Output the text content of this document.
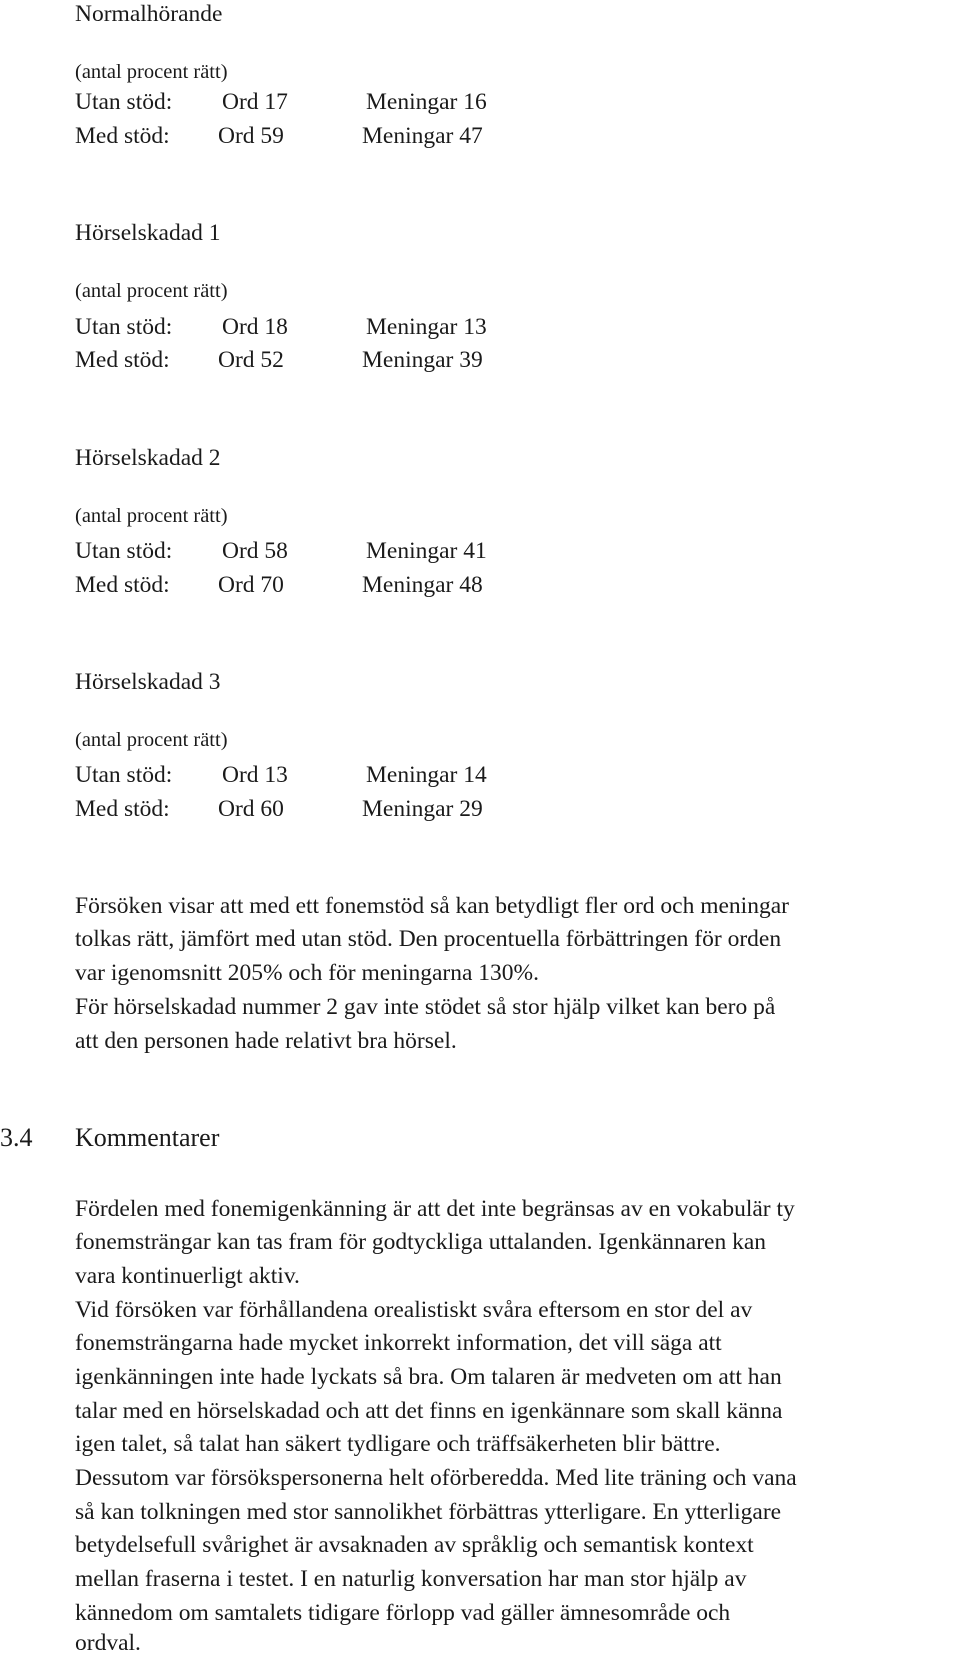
Normalhörande
(antal procent rätt)
Utan stöd: Ord 17	Meningar 16
Med stöd: Ord 59	Meningar 47
Hörselskadad 1
(antal procent rätt)
Utan stöd: Ord 18	Meningar 13
Med stöd: Ord 52	Meningar 39
Hörselskadad 2
(antal procent rätt)
Utan stöd: Ord 58	Meningar 41
Med stöd: Ord 70	Meningar 48
Hörselskadad 3
(antal procent rätt)
Utan stöd: Ord 13	Meningar 14
Med stöd: Ord 60	Meningar 29
Försöken visar att med ett fonemstöd så kan betydligt fler ord och meningar
tolkas rätt, jämfört med utan stöd. Den procentuella förbättringen för orden
var igenomsnitt 205% och för meningarna 130%.
För hörselskadad nummer 2 gav inte stödet så stor hjälp vilket kan bero på
att den personen hade relativt bra hörsel.
3.4 Kommentarer
Fördelen med fonemigenkänning är att det inte begränsas av en vokabulär ty
fonemsträngar kan tas fram för godtyckliga uttalanden. Igenkännaren kan
vara kontinuerligt aktiv.
Vid försöken var förhållandena orealistiskt svåra eftersom en stor del av
fonemsträngarna hade mycket inkorrekt information, det vill säga att
igenkänningen inte hade lyckats så bra. Om talaren är medveten om att han
talar med en hörselskadad och att det finns en igenkännare som skall känna
igen talet, så talat han säkert tydligare och träffsäkerheten blir bättre.
Dessutom var försökspersonerna helt oförberedda. Med lite träning och vana
så kan tolkningen med stor sannolikhet förbättras ytterligare. En ytterligare
betydelsefull svårighet är avsaknaden av språklig och semantisk kontext
mellan fraserna i testet. I en naturlig konversation har man stor hjälp av
kännedom om samtalets tidigare förlopp vad gäller ämnesområde och
ordval.
